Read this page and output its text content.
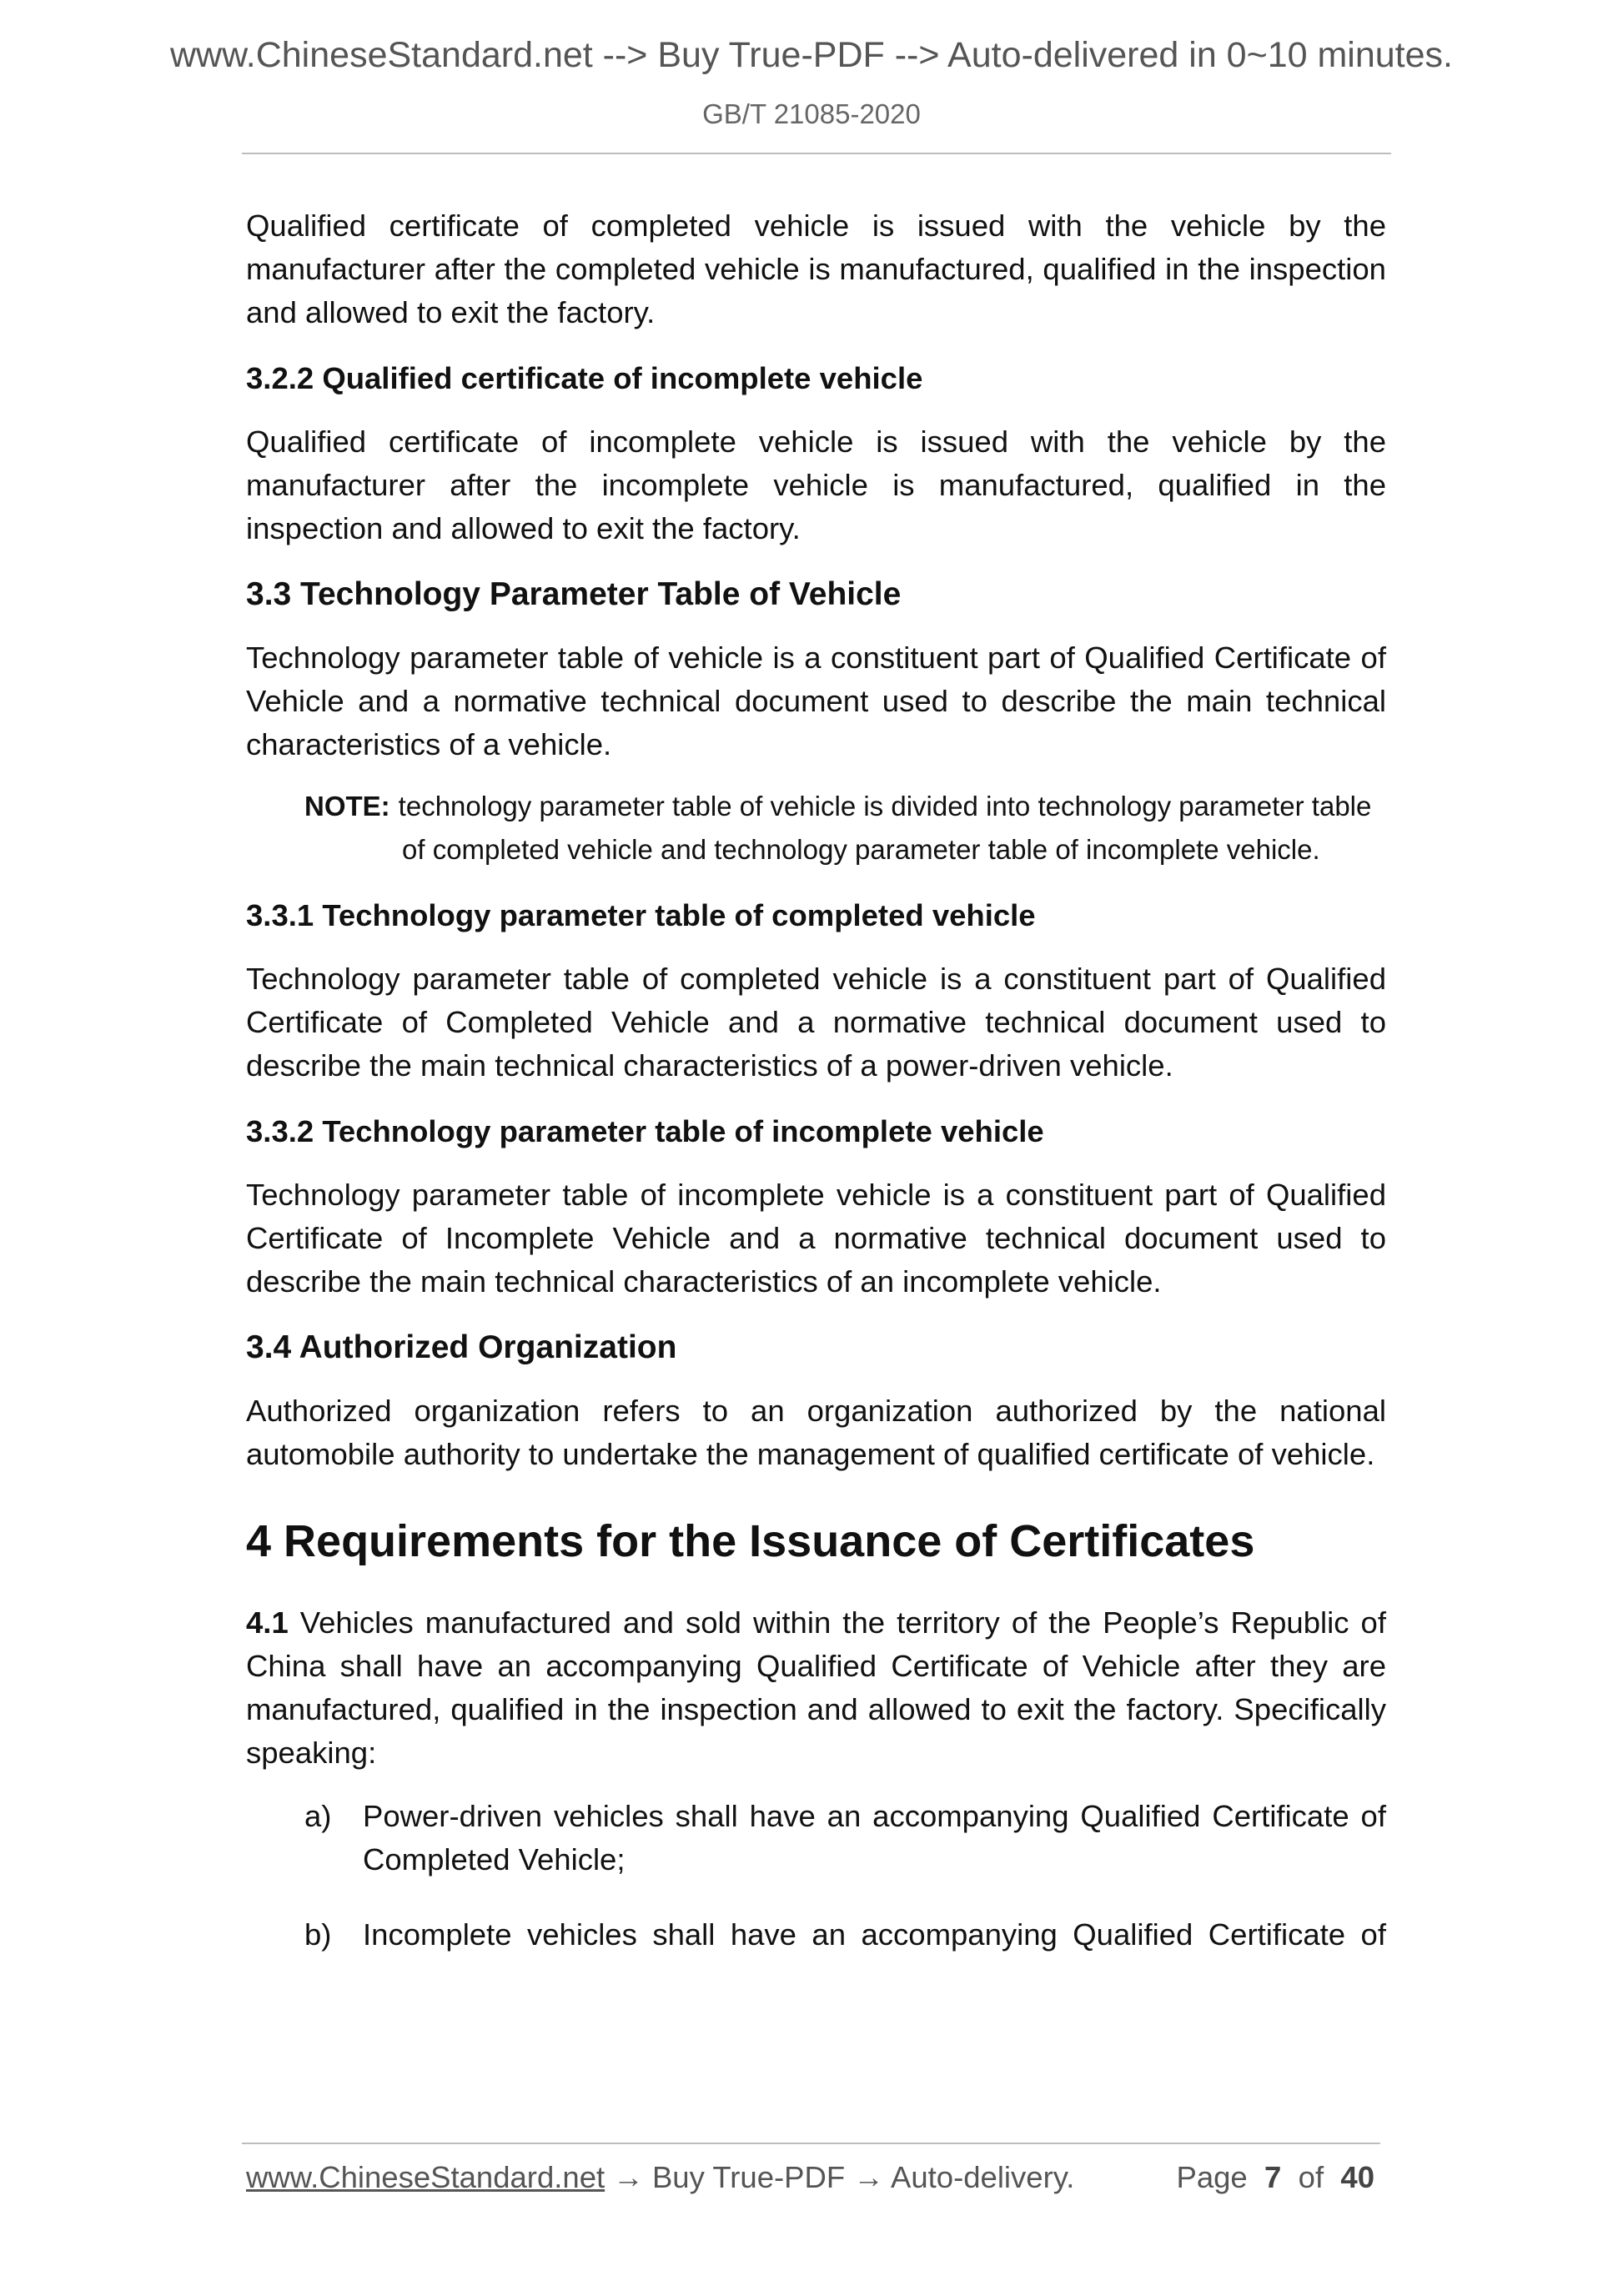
www.ChineseStandard.net --> Buy True-PDF --> Auto-delivered in 0~10 minutes.
GB/T 21085-2020

Qualified certificate of completed vehicle is issued with the vehicle by the manufacturer after the completed vehicle is manufactured, qualified in the inspection and allowed to exit the factory.

3.2.2 Qualified certificate of incomplete vehicle

Qualified certificate of incomplete vehicle is issued with the vehicle by the manufacturer after the incomplete vehicle is manufactured, qualified in the inspection and allowed to exit the factory.

3.3 Technology Parameter Table of Vehicle

Technology parameter table of vehicle is a constituent part of Qualified Certificate of Vehicle and a normative technical document used to describe the main technical characteristics of a vehicle.

NOTE: technology parameter table of vehicle is divided into technology parameter table

of completed vehicle and technology parameter table of incomplete vehicle.

3.3.1 Technology parameter table of completed vehicle

Technology parameter table of completed vehicle is a constituent part of Qualified Certificate of Completed Vehicle and a normative technical document used to describe the main technical characteristics of a power-driven vehicle.

3.3.2 Technology parameter table of incomplete vehicle

Technology parameter table of incomplete vehicle is a constituent part of Qualified Certificate of Incomplete Vehicle and a normative technical document used to describe the main technical characteristics of an incomplete vehicle.

3.4 Authorized Organization

Authorized organization refers to an organization authorized by the national automobile authority to undertake the management of qualified certificate of vehicle.

4 Requirements for the Issuance of Certificates

4.1 Vehicles manufactured and sold within the territory of the People’s Republic of China shall have an accompanying Qualified Certificate of Vehicle after they are manufactured, qualified in the inspection and allowed to exit the factory. Specifically speaking:

a)	Power-driven vehicles shall have an accompanying Qualified Certificate of Completed Vehicle;
b)	Incomplete vehicles shall have an accompanying Qualified Certificate of
www.ChineseStandard.net → Buy True-PDF → Auto-delivery.	Page 7 of 40
